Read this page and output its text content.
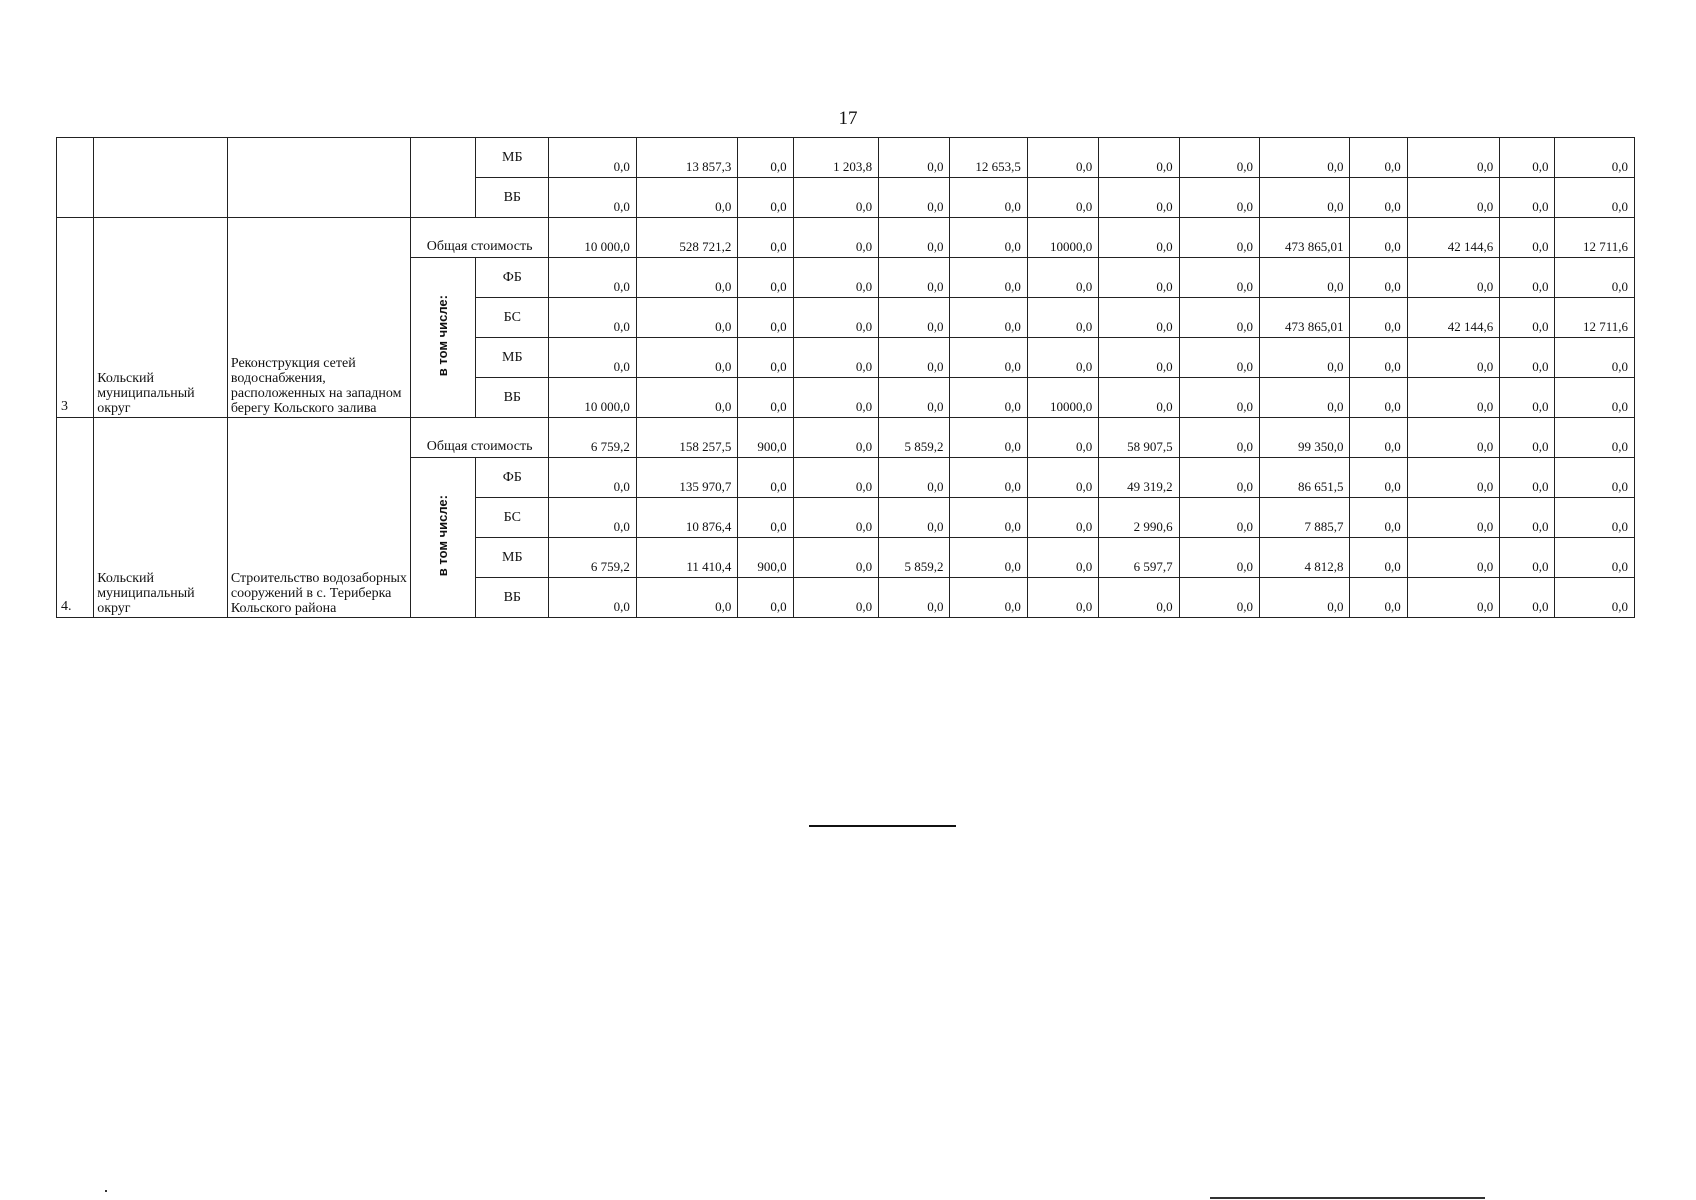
17
				МБ	0,0	13 857,3	0,0	1 203,8	0,0	12 653,5	0,0	0,0	0,0	0,0	0,0	0,0	0,0	0,0
				ВБ	0,0	0,0	0,0	0,0	0,0	0,0	0,0	0,0	0,0	0,0	0,0	0,0	0,0	0,0
3	Кольский муниципальный округ	Реконструкция сетей водоснабжения, расположенных на западном берегу Кольского залива	Общая стоимость		10 000,0	528 721,2	0,0	0,0	0,0	0,0	10000,0	0,0	0,0	473 865,01	0,0	42 144,6	0,0	12 711,6
			в том числе:	ФБ	0,0	0,0	0,0	0,0	0,0	0,0	0,0	0,0	0,0	0,0	0,0	0,0	0,0	0,0
				БС	0,0	0,0	0,0	0,0	0,0	0,0	0,0	0,0	0,0	473 865,01	0,0	42 144,6	0,0	12 711,6
				МБ	0,0	0,0	0,0	0,0	0,0	0,0	0,0	0,0	0,0	0,0	0,0	0,0	0,0	0,0
				ВБ	10 000,0	0,0	0,0	0,0	0,0	0,0	10000,0	0,0	0,0	0,0	0,0	0,0	0,0	0,0
4.	Кольский муниципальный округ	Строительство водозаборных сооружений в с. Териберка Кольского района	Общая стоимость		6 759,2	158 257,5	900,0	0,0	5 859,2	0,0	0,0	58 907,5	0,0	99 350,0	0,0	0,0	0,0	0,0
			в том числе:	ФБ	0,0	135 970,7	0,0	0,0	0,0	0,0	0,0	49 319,2	0,0	86 651,5	0,0	0,0	0,0	0,0
				БС	0,0	10 876,4	0,0	0,0	0,0	0,0	0,0	2 990,6	0,0	7 885,7	0,0	0,0	0,0	0,0
				МБ	6 759,2	11 410,4	900,0	0,0	5 859,2	0,0	0,0	6 597,7	0,0	4 812,8	0,0	0,0	0,0	0,0
				ВБ	0,0	0,0	0,0	0,0	0,0	0,0	0,0	0,0	0,0	0,0	0,0	0,0	0,0	0,0
